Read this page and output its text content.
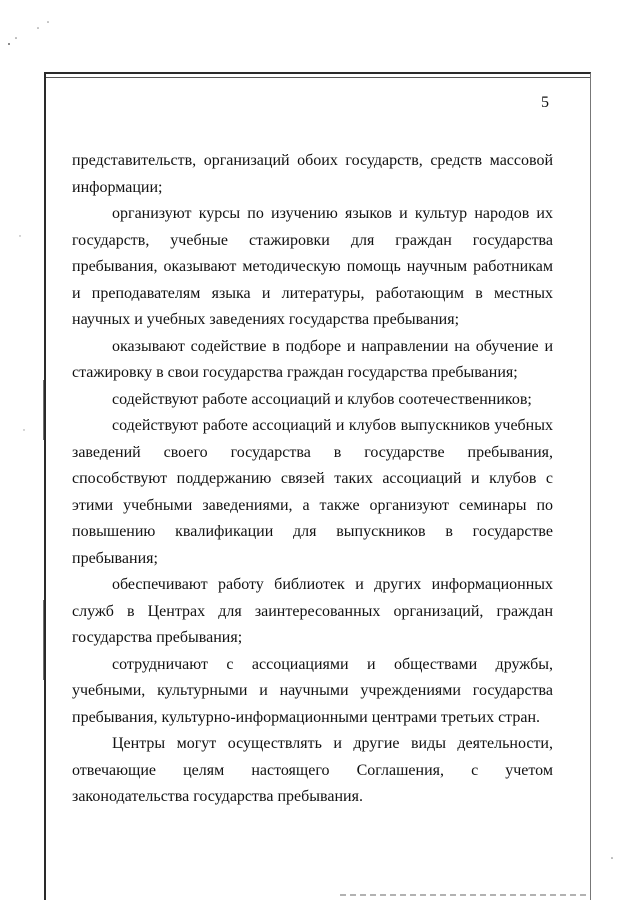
5

представительств, организаций обоих государств, средств массовой информации;

организуют курсы по изучению языков и культур народов их государств, учебные стажировки для граждан государства пребывания, оказывают методическую помощь научным работникам и преподавателям языка и литературы, работающим в местных научных и учебных заведениях государства пребывания;

оказывают содействие в подборе и направлении на обучение и стажировку в свои государства граждан государства пребывания;

содействуют работе ассоциаций и клубов соотечественников;

содействуют работе ассоциаций и клубов выпускников учебных заведений своего государства в государстве пребывания, способствуют поддержанию связей таких ассоциаций и клубов с этими учебными заведениями, а также организуют семинары по повышению квалификации для выпускников в государстве пребывания;

обеспечивают работу библиотек и других информационных служб в Центрах для заинтересованных организаций, граждан государства пребывания;

сотрудничают с ассоциациями и обществами дружбы, учебными, культурными и научными учреждениями государства пребывания, культурно-информационными центрами третьих стран.

Центры могут осуществлять и другие виды деятельности, отвечающие целям настоящего Соглашения, с учетом законодательства государства пребывания.
